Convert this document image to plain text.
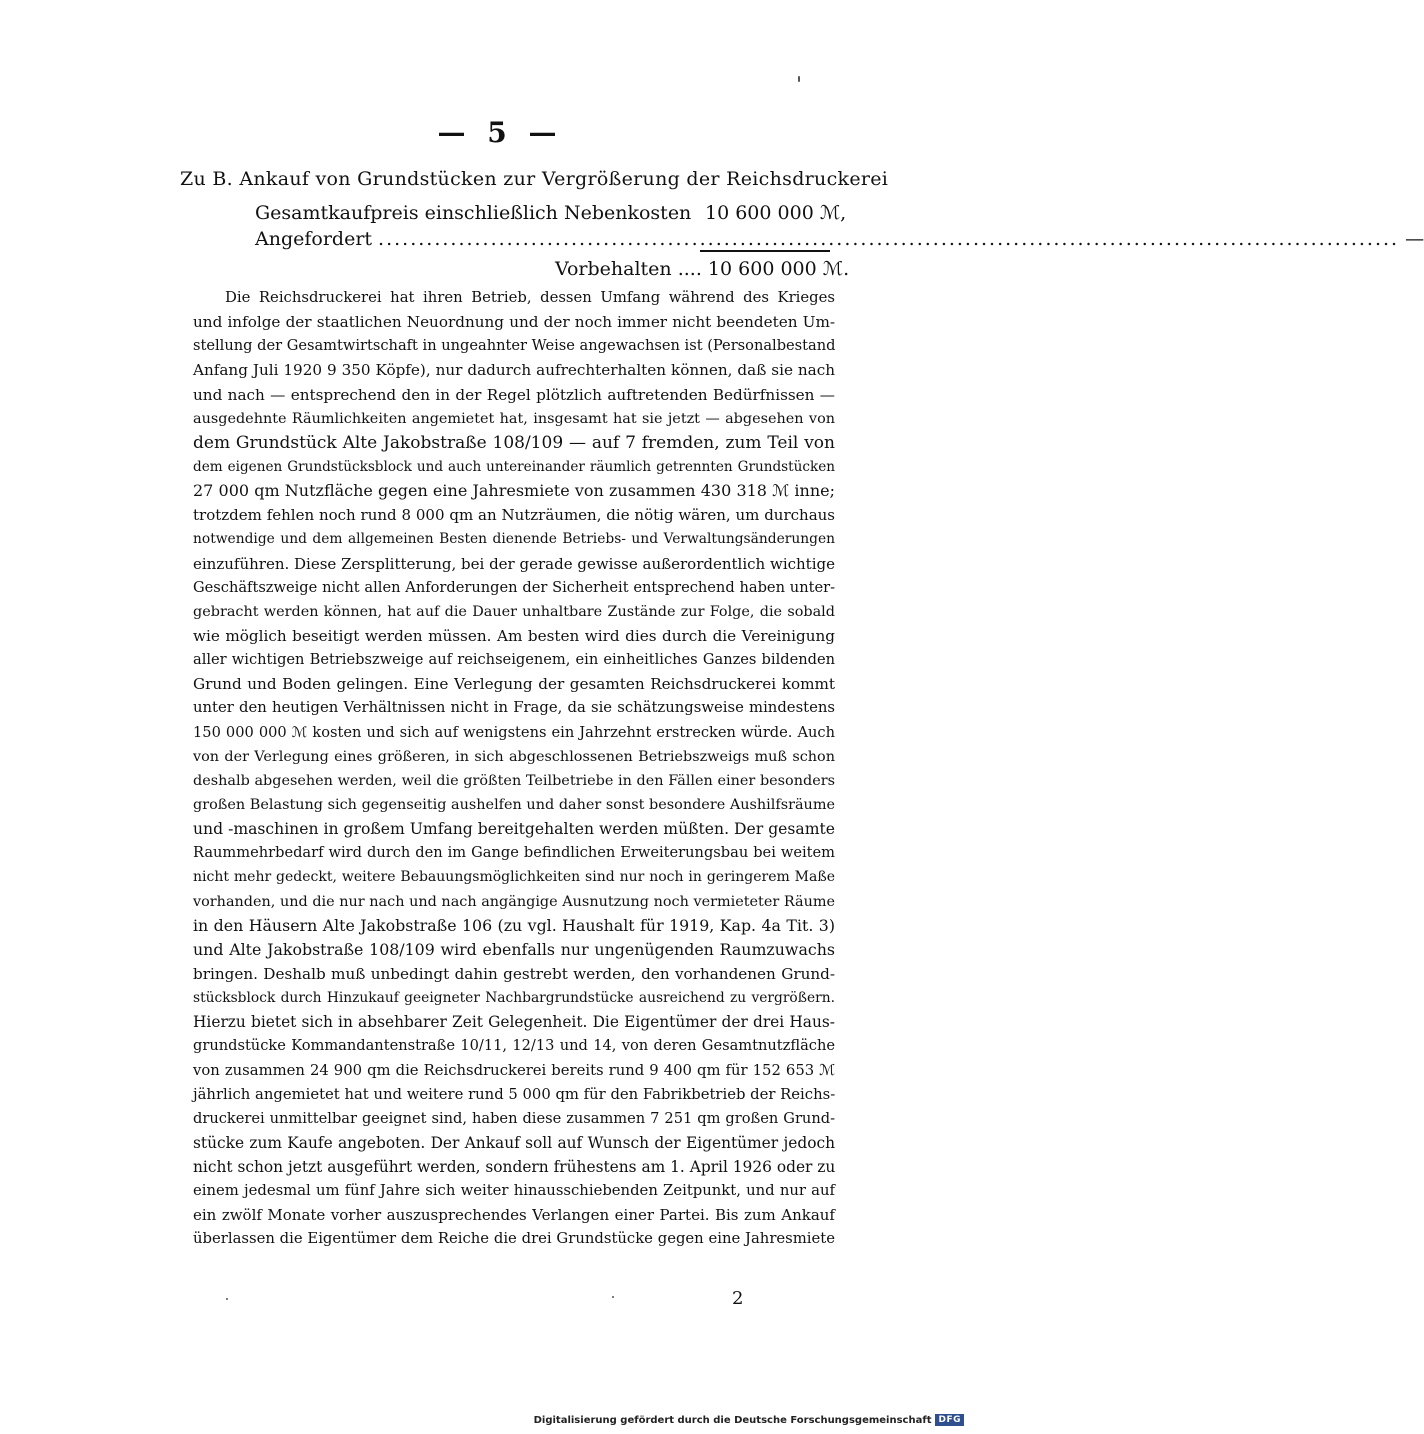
— 5 —
Zu B. Ankauf von Grundstücken zur Vergrößerung der Reichsdruckerei
Gesamtkaufpreis einschließlich Nebenkosten 10 600 000 ℳ,
Angefordert ............................................................................................................................... —
Vorbehalten .... 10 600 000 ℳ.
Die Reichsdruckerei hat ihren Betrieb, dessen Umfang während des Krieges
und infolge der staatlichen Neuordnung und der noch immer nicht beendeten Um-
stellung der Gesamtwirtschaft in ungeahnter Weise angewachsen ist (Personalbestand
Anfang Juli 1920 9 350 Köpfe), nur dadurch aufrechterhalten können, daß sie nach
und nach — entsprechend den in der Regel plötzlich auftretenden Bedürfnissen —
ausgedehnte Räumlichkeiten angemietet hat, insgesamt hat sie jetzt — abgesehen von
dem Grundstück Alte Jakobstraße 108/109 — auf 7 fremden, zum Teil von
dem eigenen Grundstücksblock und auch untereinander räumlich getrennten Grundstücken
27 000 qm Nutzfläche gegen eine Jahresmiete von zusammen 430 318 ℳ inne;
trotzdem fehlen noch rund 8 000 qm an Nutzräumen, die nötig wären, um durchaus
notwendige und dem allgemeinen Besten dienende Betriebs- und Verwaltungsänderungen
einzuführen. Diese Zersplitterung, bei der gerade gewisse außerordentlich wichtige
Geschäftszweige nicht allen Anforderungen der Sicherheit entsprechend haben unter-
gebracht werden können, hat auf die Dauer unhaltbare Zustände zur Folge, die sobald
wie möglich beseitigt werden müssen. Am besten wird dies durch die Vereinigung
aller wichtigen Betriebszweige auf reichseigenem, ein einheitliches Ganzes bildenden
Grund und Boden gelingen. Eine Verlegung der gesamten Reichsdruckerei kommt
unter den heutigen Verhältnissen nicht in Frage, da sie schätzungsweise mindestens
150 000 000 ℳ kosten und sich auf wenigstens ein Jahrzehnt erstrecken würde. Auch
von der Verlegung eines größeren, in sich abgeschlossenen Betriebszweigs muß schon
deshalb abgesehen werden, weil die größten Teilbetriebe in den Fällen einer besonders
großen Belastung sich gegenseitig aushelfen und daher sonst besondere Aushilfsräume
und -maschinen in großem Umfang bereitgehalten werden müßten. Der gesamte
Raummehrbedarf wird durch den im Gange befindlichen Erweiterungsbau bei weitem
nicht mehr gedeckt, weitere Bebauungsmöglichkeiten sind nur noch in geringerem Maße
vorhanden, und die nur nach und nach angängige Ausnutzung noch vermieteter Räume
in den Häusern Alte Jakobstraße 106 (zu vgl. Haushalt für 1919, Kap. 4a Tit. 3)
und Alte Jakobstraße 108/109 wird ebenfalls nur ungenügenden Raumzuwachs
bringen. Deshalb muß unbedingt dahin gestrebt werden, den vorhandenen Grund-
stücksblock durch Hinzukauf geeigneter Nachbargrundstücke ausreichend zu vergrößern.
Hierzu bietet sich in absehbarer Zeit Gelegenheit. Die Eigentümer der drei Haus-
grundstücke Kommandantenstraße 10/11, 12/13 und 14, von deren Gesamtnutzfläche
von zusammen 24 900 qm die Reichsdruckerei bereits rund 9 400 qm für 152 653 ℳ
jährlich angemietet hat und weitere rund 5 000 qm für den Fabrikbetrieb der Reichs-
druckerei unmittelbar geeignet sind, haben diese zusammen 7 251 qm großen Grund-
stücke zum Kaufe angeboten. Der Ankauf soll auf Wunsch der Eigentümer jedoch
nicht schon jetzt ausgeführt werden, sondern frühestens am 1. April 1926 oder zu
einem jedesmal um fünf Jahre sich weiter hinausschiebenden Zeitpunkt, und nur auf
ein zwölf Monate vorher auszusprechendes Verlangen einer Partei. Bis zum Ankauf
überlassen die Eigentümer dem Reiche die drei Grundstücke gegen eine Jahresmiete
2
Digitalisierung gefördert durch die Deutsche Forschungsgemeinschaft DFG
